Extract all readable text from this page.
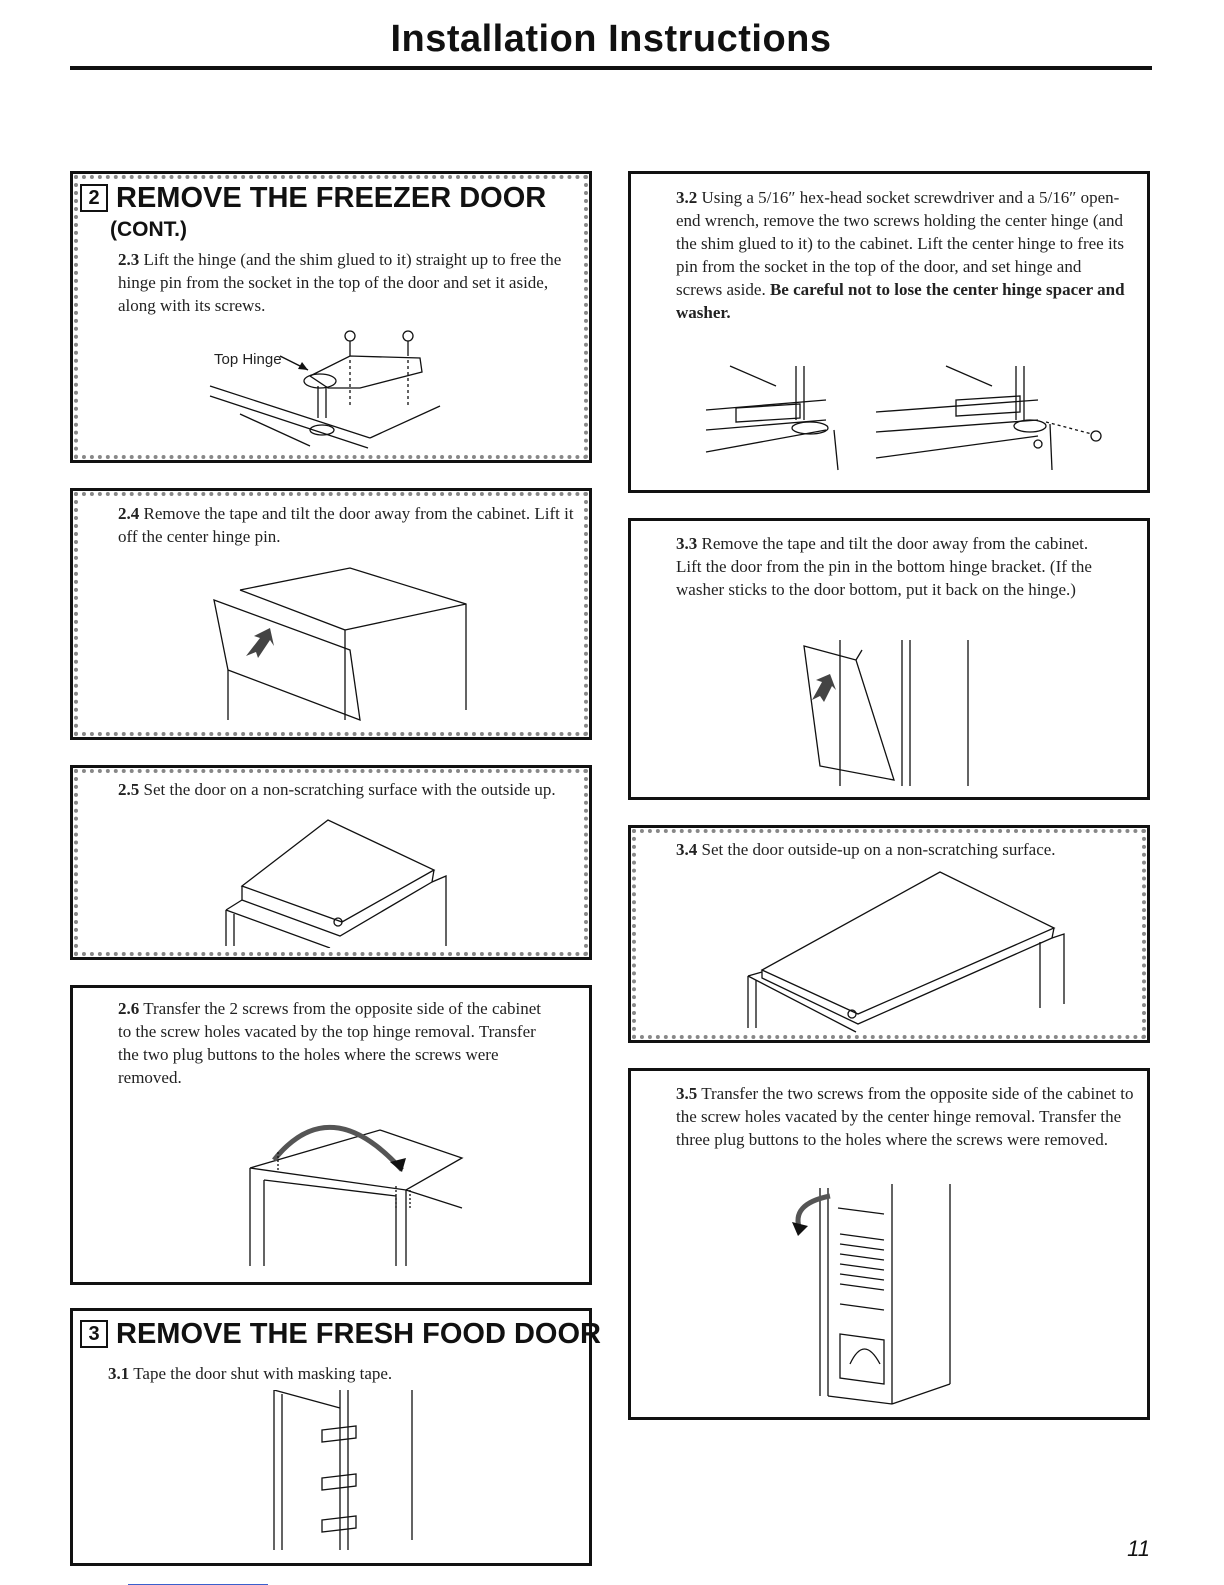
Installation Instructions
2 REMOVE THE FREEZER DOOR
(CONT.)
2.3 Lift the hinge (and the shim glued to it) straight up to free the hinge pin from the socket in the top of the door and set it aside, along with its screws.
Top Hinge
2.4 Remove the tape and tilt the door away from the cabinet. Lift it off the center hinge pin.
2.5 Set the door on a non-scratching surface with the outside up.
2.6 Transfer the 2 screws from the opposite side of the cabinet to the screw holes vacated by the top hinge removal. Transfer the two plug buttons to the holes where the screws were removed.
3 REMOVE THE FRESH FOOD DOOR
3.1 Tape the door shut with masking tape.
3.2 Using a 5/16″ hex-head socket screwdriver and a 5/16″ open-end wrench, remove the two screws holding the center hinge (and the shim glued to it) to the cabinet. Lift the center hinge to free its pin from the socket in the top of the door, and set hinge and screws aside. Be careful not to lose the center hinge spacer and washer.
3.3 Remove the tape and tilt the door away from the cabinet. Lift the door from the pin in the bottom hinge bracket. (If the washer sticks to the door bottom, put it back on the hinge.)
3.4 Set the door outside-up on a non-scratching surface.
3.5 Transfer the two screws from the opposite side of the cabinet to the screw holes vacated by the center hinge removal. Transfer the three plug buttons to the holes where the screws were removed.
11
